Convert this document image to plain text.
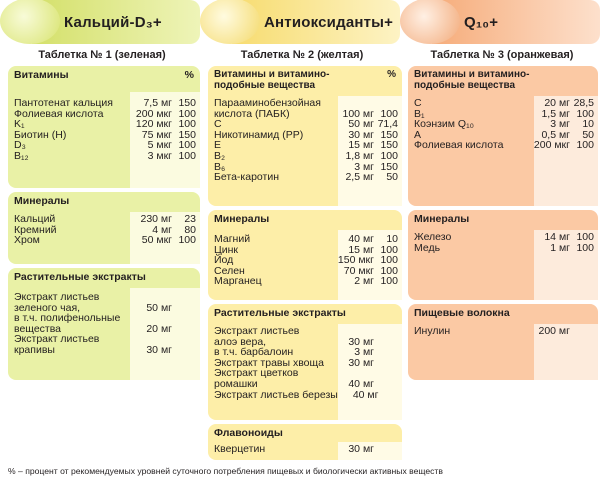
Кальций-D₃+
Таблетка № 1 (зеленая)
Витамины	%
Пантотенат кальция	7,5 мг 150
Фолиевая кислота	200 мкг 100
K₁	120 мкг 100
Биотин (H)	75 мкг 150
D₃	5 мкг 100
B₁₂	3 мкг 100
Минералы
Кальций	230 мг	23
Кремний	4 мг	80
Хром	50 мкг 100
Растительные экстракты
Экстракт листьев
зеленого чая,	50 мг
в т.ч. полифенольные
вещества	20 мг
Экстракт листьев
крапивы	30 мг
Антиоксиданты+
Таблетка № 2 (желтая)
%
Витамины и витамино-
подобные вещества
Парааминобензойная
кислота (ПАБК)	100 мг 100
C	50 мг 71,4
Никотинамид (PP)	30 мг 150
E	15 мг 150
B₂	1,8 мг 100
B₆	3 мг 150
Бета-каротин	2,5 мг	50
Минералы
Магний	40 мг	10
Цинк	15 мг 100
Йод	150 мкг 100
Селен	70 мкг 100
Марганец	2 мг 100
Растительные экстракты
Экстракт листьев
алоэ вера,	30 мг
в т.ч. барбалоин	3 мг
Экстракт травы хвоща	30 мг
Экстракт цветков
ромашки	40 мг
Экстракт листьев березы	40 мг
Флавоноиды
Кверцетин	30 мг
Q₁₀+
Таблетка № 3 (оранжевая)
Витамины и витамино-
подобные вещества
C	20 мг 28,5
B₁	1,5 мг 100
Коэнзим Q₁₀	3 мг	10
A	0,5 мг	50
Фолиевая кислота	200 мкг 100
Минералы
Железо	14 мг 100
Медь	1 мг 100
Пищевые волокна
Инулин	200 мг
% – процент от рекомендуемых уровней суточного потребления пищевых и биологически активных веществ
